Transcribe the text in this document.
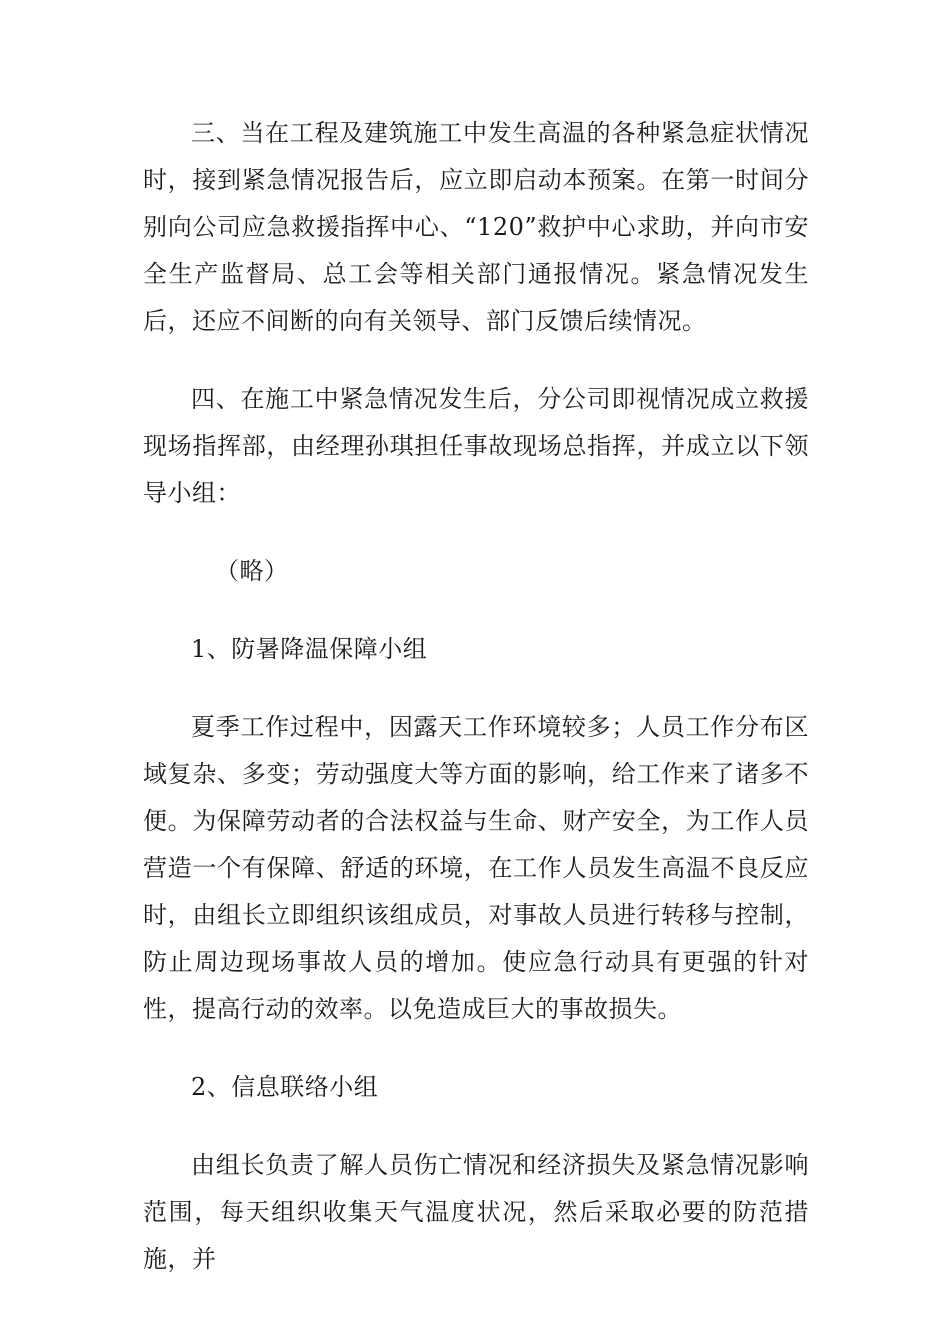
三、当在工程及建筑施工中发生高温的各种紧急症状情况时，接到紧急情况报告后，应立即启动本预案。在第一时间分别向公司应急救援指挥中心、“120”救护中心求助，并向市安全生产监督局、总工会等相关部门通报情况。紧急情况发生后，还应不间断的向有关领导、部门反馈后续情况。

四、在施工中紧急情况发生后，分公司即视情况成立救援现场指挥部，由经理孙琪担任事故现场总指挥，并成立以下领导小组：

（略）

1、防暑降温保障小组

夏季工作过程中，因露天工作环境较多；人员工作分布区域复杂、多变；劳动强度大等方面的影响，给工作来了诸多不便。为保障劳动者的合法权益与生命、财产安全，为工作人员营造一个有保障、舒适的环境，在工作人员发生高温不良反应时，由组长立即组织该组成员，对事故人员进行转移与控制，防止周边现场事故人员的增加。使应急行动具有更强的针对性，提高行动的效率。以免造成巨大的事故损失。

2、信息联络小组

由组长负责了解人员伤亡情况和经济损失及紧急情况影响范围，每天组织收集天气温度状况，然后采取必要的防范措施，并
